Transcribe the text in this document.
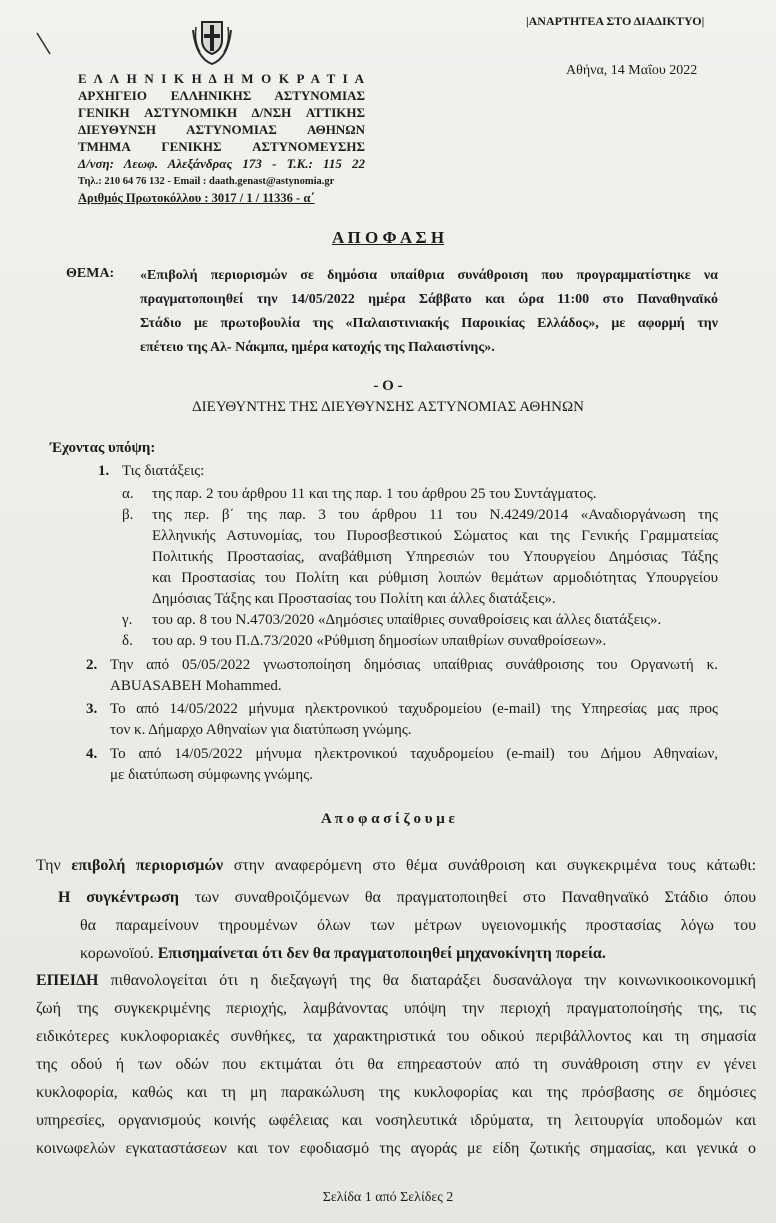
|ΑΝΑΡΤΗΤΕΑ ΣΤΟ ΔΙΑΔΙΚΤΥΟ|
Αθήνα, 14 Μαΐου 2022
Ε Λ Λ Η Ν Ι Κ Η Δ Η Μ Ο Κ Ρ Α Τ Ι Α
ΑΡΧΗΓΕΙΟ ΕΛΛΗΝΙΚΗΣ ΑΣΤΥΝΟΜΙΑΣ
ΓΕΝΙΚΗ ΑΣΤΥΝΟΜΙΚΗ Δ/ΝΣΗ ΑΤΤΙΚΗΣ
ΔΙΕΥΘΥΝΣΗ ΑΣΤΥΝΟΜΙΑΣ ΑΘΗΝΩΝ
ΤΜΗΜΑ ΓΕΝΙΚΗΣ ΑΣΤΥΝΟΜΕΥΣΗΣ
Δ/νση: Λεωφ. Αλεξάνδρας 173 - Τ.Κ.: 115 22
Τηλ.: 210 64 76 132 - Email : daath.genast@astynomia.gr
Αριθμός Πρωτοκόλλου : 3017 / 1 / 11336 - α΄
Α Π Ο Φ Α Σ Η
ΘΕΜΑ: «Επιβολή περιορισμών σε δημόσια υπαίθρια συνάθροιση που προγραμματίστηκε να
πραγματοποιηθεί την 14/05/2022 ημέρα Σάββατο και ώρα 11:00 στο Παναθηναϊκό
Στάδιο με πρωτοβουλία της «Παλαιστινιακής Παροικίας Ελλάδος», με αφορμή την
επέτειο της Αλ- Νάκμπα, ημέρα κατοχής της Παλαιστίνης».
- Ο -
ΔΙΕΥΘΥΝΤΗΣ ΤΗΣ ΔΙΕΥΘΥΝΣΗΣ ΑΣΤΥΝΟΜΙΑΣ ΑΘΗΝΩΝ
Έχοντας υπόψη:
1. Τις διατάξεις:
α. της παρ. 2 του άρθρου 11 και της παρ. 1 του άρθρου 25 του Συντάγματος.
β. της περ. β΄ της παρ. 3 του άρθρου 11 του Ν.4249/2014 «Αναδιοργάνωση της
Ελληνικής Αστυνομίας, του Πυροσβεστικού Σώματος και της Γενικής Γραμματείας
Πολιτικής Προστασίας, αναβάθμιση Υπηρεσιών του Υπουργείου Δημόσιας Τάξης
και Προστασίας του Πολίτη και ρύθμιση λοιπών θεμάτων αρμοδιότητας Υπουργείου
Δημόσιας Τάξης και Προστασίας του Πολίτη και άλλες διατάξεις».
γ. του αρ. 8 του Ν.4703/2020 «Δημόσιες υπαίθριες συναθροίσεις και άλλες διατάξεις».
δ. του αρ. 9 του Π.Δ.73/2020 «Ρύθμιση δημοσίων υπαιθρίων συναθροίσεων».
2. Την από 05/05/2022 γνωστοποίηση δημόσιας υπαίθριας συνάθροισης του Οργανωτή κ.
ABUASABEH Mohammed.
3. Το από 14/05/2022 μήνυμα ηλεκτρονικού ταχυδρομείου (e-mail) της Υπηρεσίας μας προς
τον κ. Δήμαρχο Αθηναίων για διατύπωση γνώμης.
4. Το από 14/05/2022 μήνυμα ηλεκτρονικού ταχυδρομείου (e-mail) του Δήμου Αθηναίων,
με διατύπωση σύμφωνης γνώμης.
Α π ο φ α σ ί ζ ο υ μ ε
Την επιβολή περιορισμών στην αναφερόμενη στο θέμα συνάθροιση και συγκεκριμένα τους κάτωθι:
Η συγκέντρωση των συναθροιζόμενων θα πραγματοποιηθεί στο Παναθηναϊκό Στάδιο όπου
θα παραμείνουν τηρουμένων όλων των μέτρων υγειονομικής προστασίας λόγω του
κορωνοϊού. Επισημαίνεται ότι δεν θα πραγματοποιηθεί μηχανοκίνητη πορεία.
ΕΠΕΙΔΗ πιθανολογείται ότι η διεξαγωγή της θα διαταράξει δυσανάλογα την κοινωνικοοικονομική
ζωή της συγκεκριμένης περιοχής, λαμβάνοντας υπόψη την περιοχή πραγματοποίησής της, τις
ειδικότερες κυκλοφοριακές συνθήκες, τα χαρακτηριστικά του οδικού περιβάλλοντος και τη σημασία
της οδού ή των οδών που εκτιμάται ότι θα επηρεαστούν από τη συνάθροιση στην εν γένει
κυκλοφορία, καθώς και τη μη παρακώλυση της κυκλοφορίας και της πρόσβασης σε δημόσιες
υπηρεσίες, οργανισμούς κοινής ωφέλειας και νοσηλευτικά ιδρύματα, τη λειτουργία υποδομών και
κοινωφελών εγκαταστάσεων και τον εφοδιασμό της αγοράς με είδη ζωτικής σημασίας, και γενικά ο
Σελίδα 1 από Σελίδες 2
